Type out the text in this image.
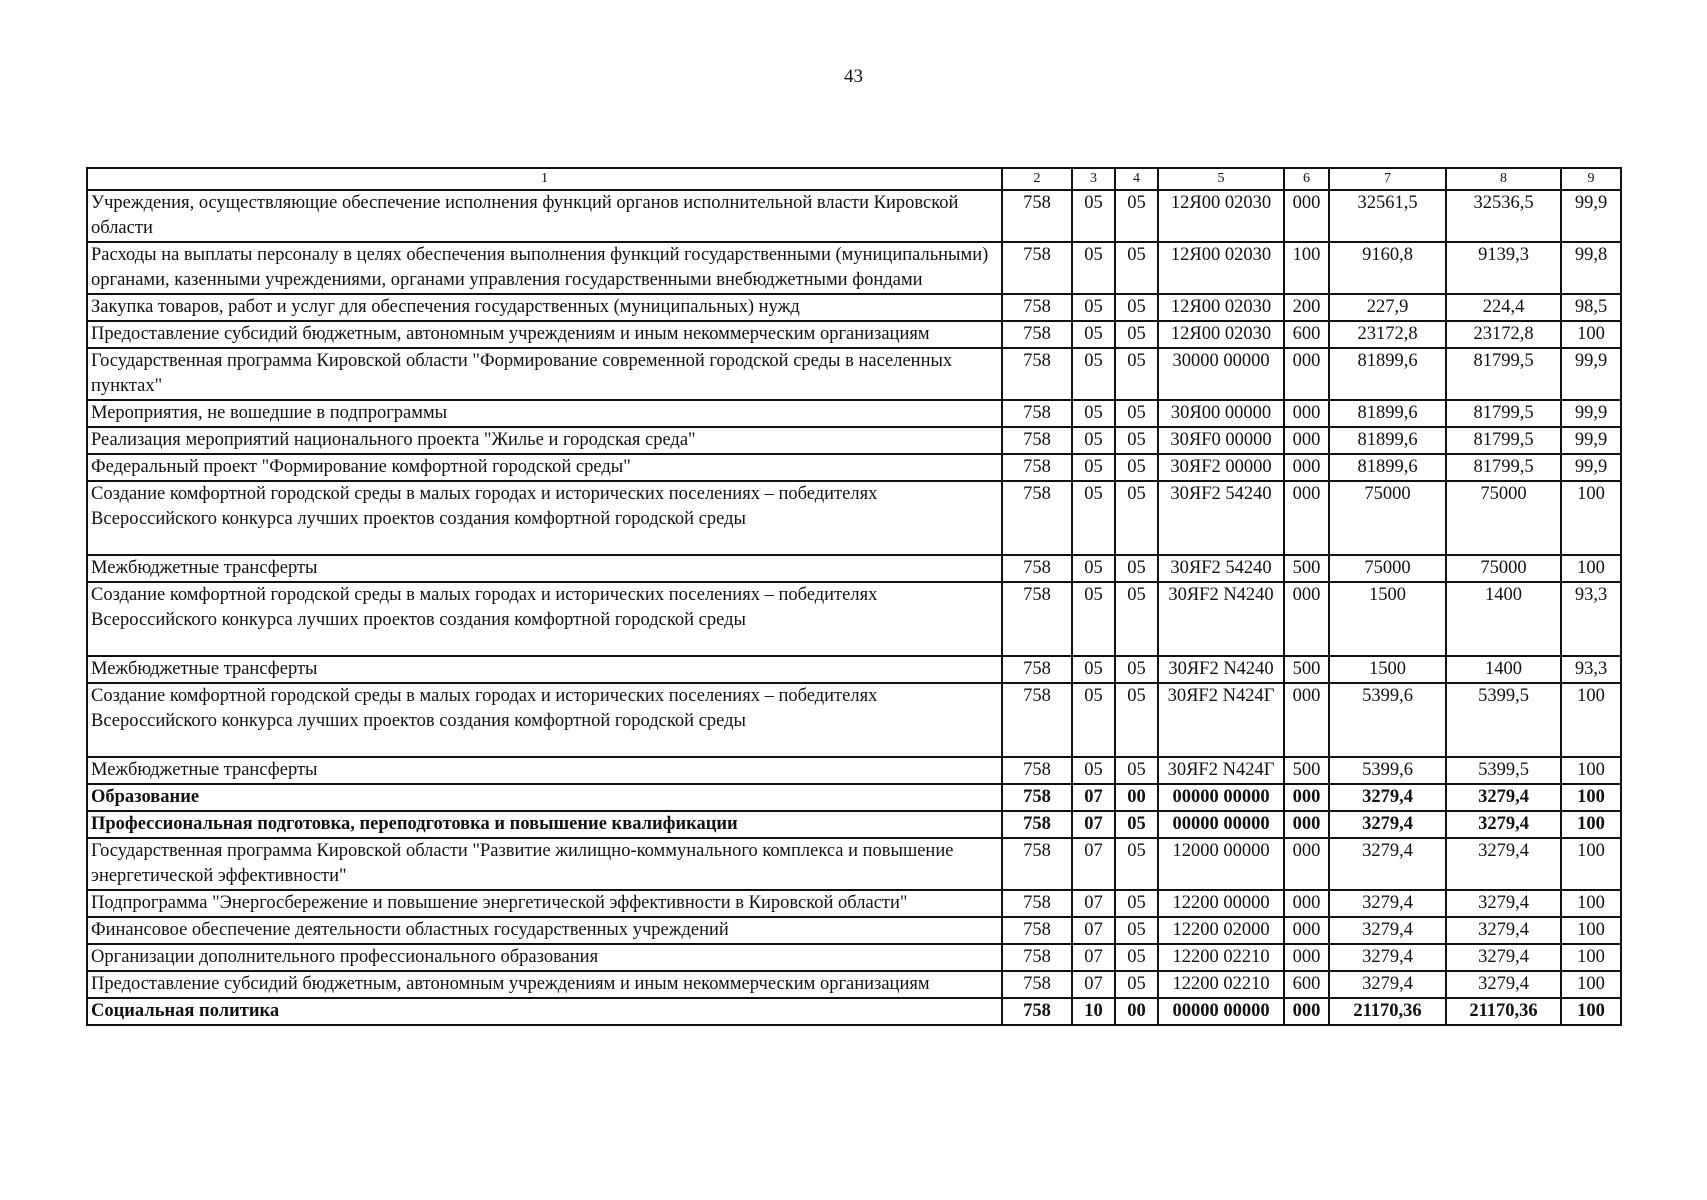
43
1	2	3	4	5	6	7	8	9
Учреждения, осуществляющие обеспечение исполнения функций органов исполнительной власти Кировской области	758	05	05	12Я00 02030	000	32561,5	32536,5	99,9
Расходы на выплаты персоналу в целях обеспечения выполнения функций государственными (муниципальными) органами, казенными учреждениями, органами управления государственными внебюджетными фондами	758	05	05	12Я00 02030	100	9160,8	9139,3	99,8
Закупка товаров, работ и услуг для обеспечения государственных (муниципальных) нужд	758	05	05	12Я00 02030	200	227,9	224,4	98,5
Предоставление субсидий бюджетным, автономным учреждениям и иным некоммерческим организациям	758	05	05	12Я00 02030	600	23172,8	23172,8	100
Государственная программа Кировской области "Формирование современной городской среды в населенных пунктах"	758	05	05	30000 00000	000	81899,6	81799,5	99,9
Мероприятия, не вошедшие в подпрограммы	758	05	05	30Я00 00000	000	81899,6	81799,5	99,9
Реализация мероприятий национального проекта "Жилье и городская среда"	758	05	05	30ЯF0 00000	000	81899,6	81799,5	99,9
Федеральный проект "Формирование комфортной городской среды"	758	05	05	30ЯF2 00000	000	81899,6	81799,5	99,9
Создание комфортной городской среды в малых городах и исторических поселениях – победителях Всероссийского конкурса лучших проектов создания комфортной городской среды	758	05	05	30ЯF2 54240	000	75000	75000	100
Межбюджетные трансферты	758	05	05	30ЯF2 54240	500	75000	75000	100
Создание комфортной городской среды в малых городах и исторических поселениях – победителях Всероссийского конкурса лучших проектов создания комфортной городской среды	758	05	05	30ЯF2 N4240	000	1500	1400	93,3
Межбюджетные трансферты	758	05	05	30ЯF2 N4240	500	1500	1400	93,3
Создание комфортной городской среды в малых городах и исторических поселениях – победителях Всероссийского конкурса лучших проектов создания комфортной городской среды	758	05	05	30ЯF2 N424Г	000	5399,6	5399,5	100
Межбюджетные трансферты	758	05	05	30ЯF2 N424Г	500	5399,6	5399,5	100
Образование	758	07	00	00000 00000	000	3279,4	3279,4	100
Профессиональная подготовка, переподготовка и повышение квалификации	758	07	05	00000 00000	000	3279,4	3279,4	100
Государственная программа Кировской области "Развитие жилищно-коммунального комплекса и повышение энергетической эффективности"	758	07	05	12000 00000	000	3279,4	3279,4	100
Подпрограмма "Энергосбережение и повышение энергетической эффективности в Кировской области"	758	07	05	12200 00000	000	3279,4	3279,4	100
Финансовое обеспечение деятельности областных государственных учреждений	758	07	05	12200 02000	000	3279,4	3279,4	100
Организации дополнительного профессионального образования	758	07	05	12200 02210	000	3279,4	3279,4	100
Предоставление субсидий бюджетным, автономным учреждениям и иным некоммерческим организациям	758	07	05	12200 02210	600	3279,4	3279,4	100
Социальная политика	758	10	00	00000 00000	000	21170,36	21170,36	100
